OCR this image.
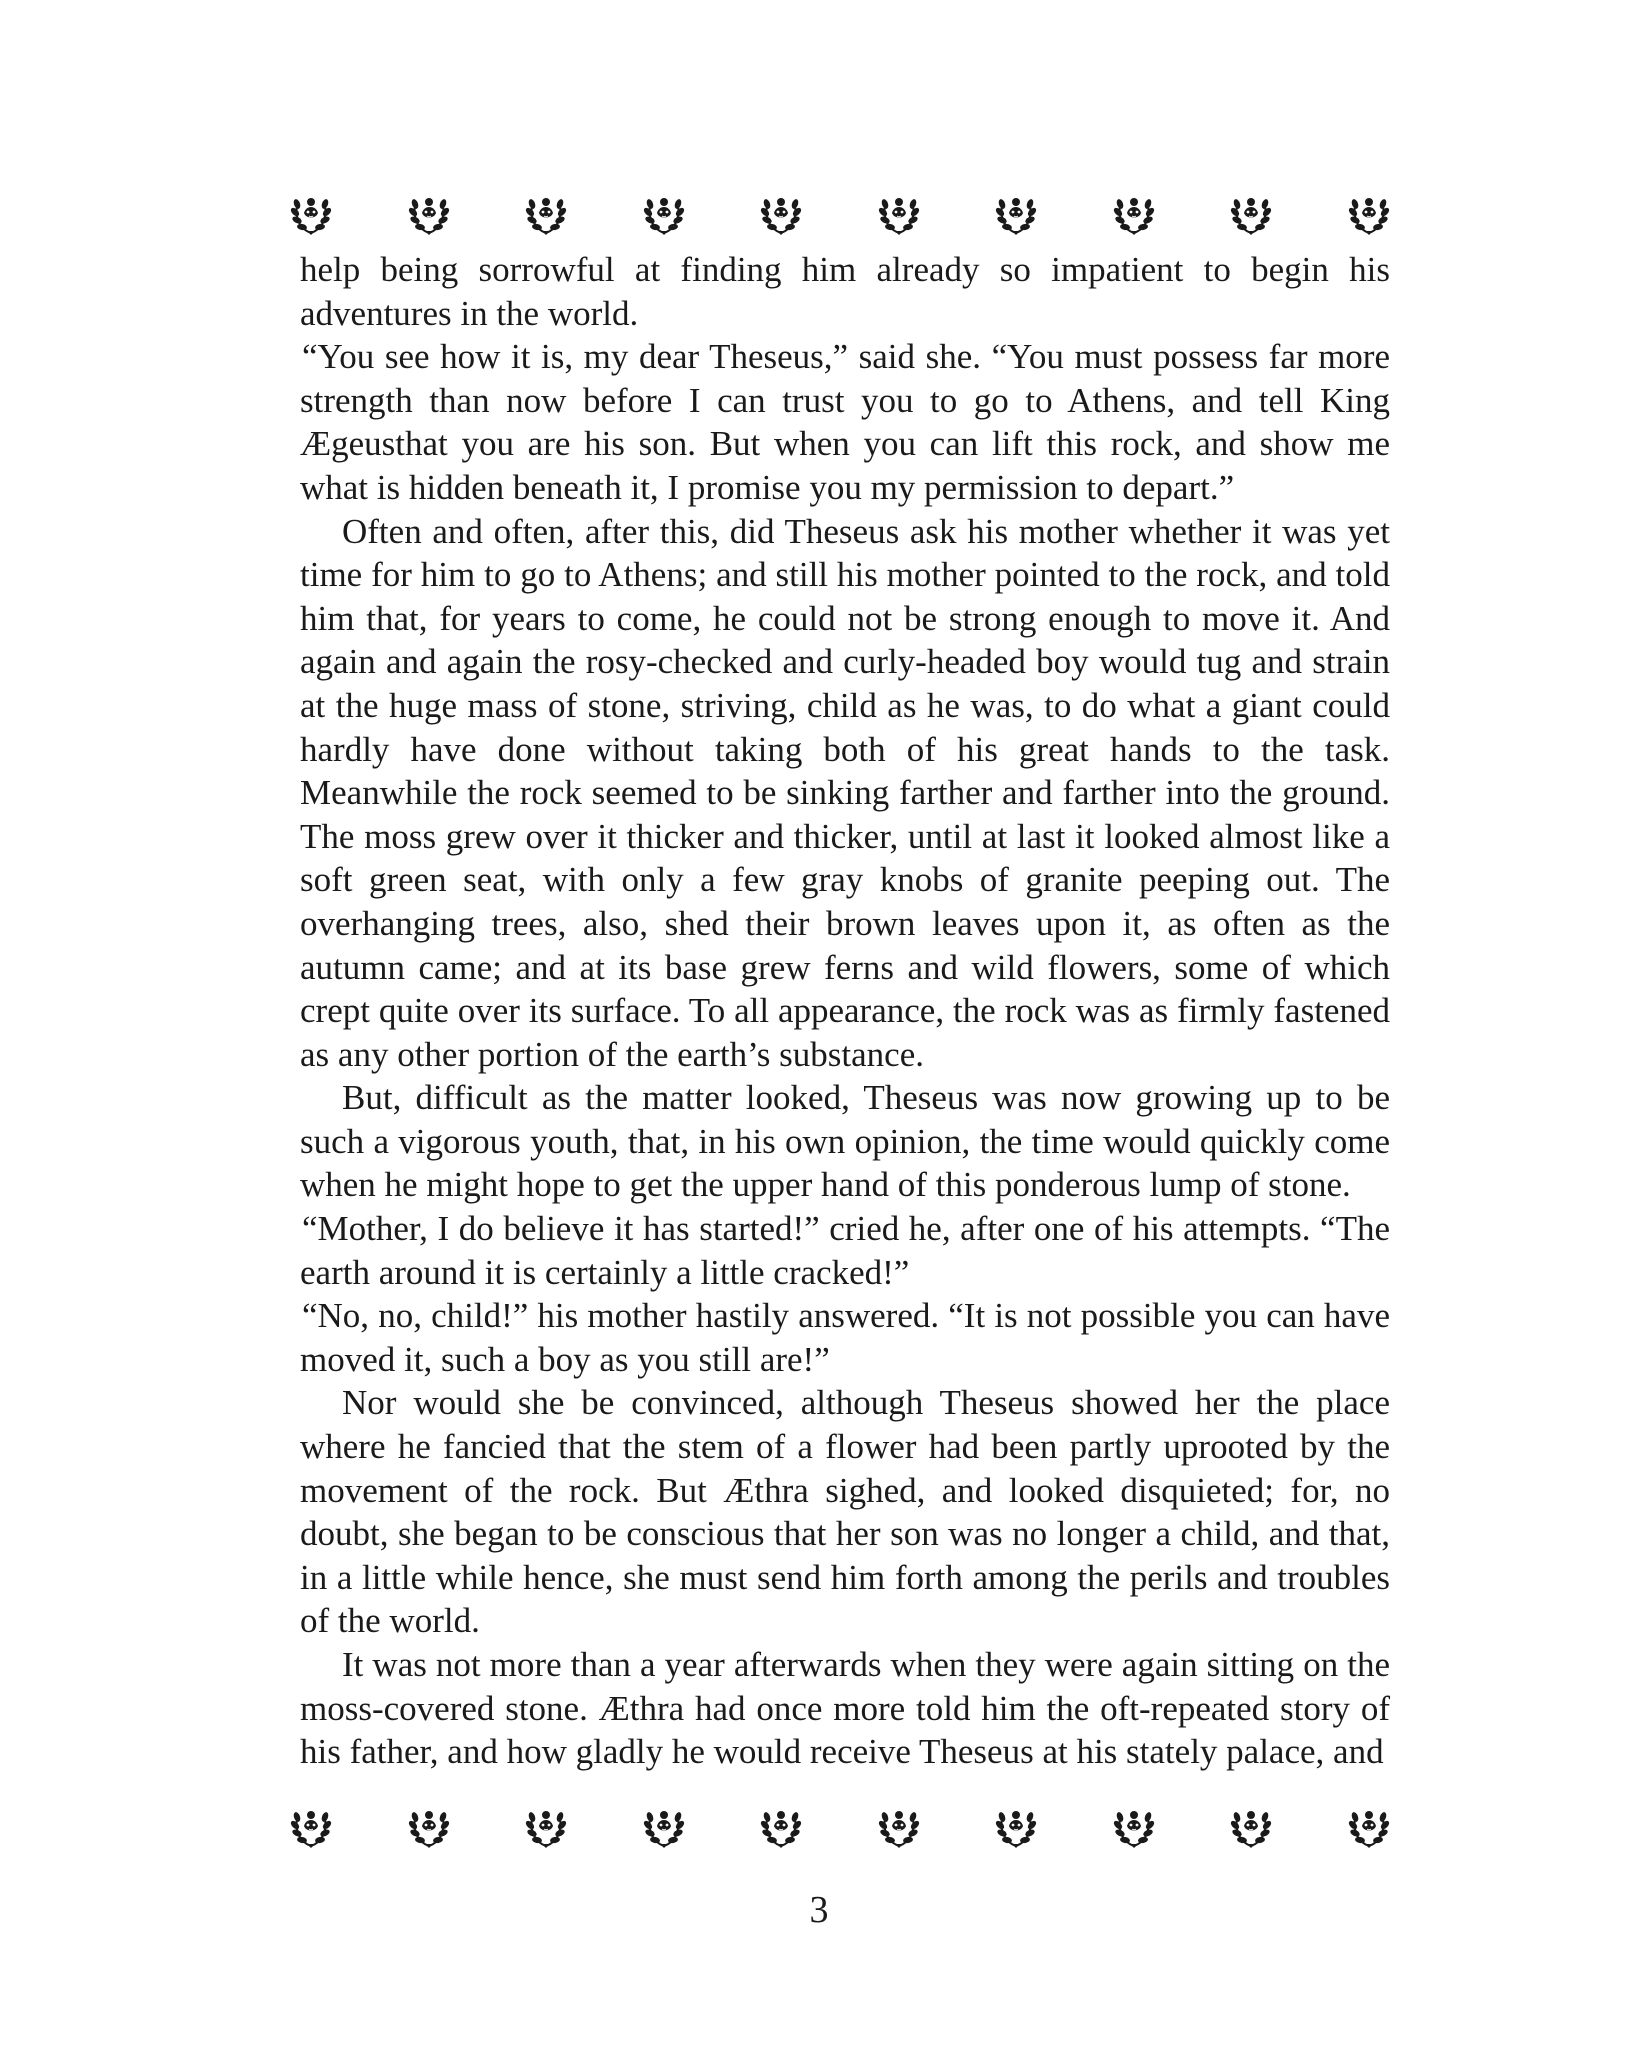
help being sorrowful at finding him already so impatient to begin his adventures in the world.

“You see how it is, my dear Theseus,” said she. “You must possess far more strength than now before I can trust you to go to Athens, and tell King Ægeusthat you are his son. But when you can lift this rock, and show me what is hidden beneath it, I promise you my permission to depart.”

Often and often, after this, did Theseus ask his mother whether it was yet time for him to go to Athens; and still his mother pointed to the rock, and told him that, for years to come, he could not be strong enough to move it. And again and again the rosy-checked and curly-headed boy would tug and strain at the huge mass of stone, striving, child as he was, to do what a giant could hardly have done without taking both of his great hands to the task. Meanwhile the rock seemed to be sinking farther and farther into the ground. The moss grew over it thicker and thicker, until at last it looked almost like a soft green seat, with only a few gray knobs of granite peeping out. The overhanging trees, also, shed their brown leaves upon it, as often as the autumn came; and at its base grew ferns and wild flowers, some of which crept quite over its surface. To all appearance, the rock was as firmly fastened as any other portion of the earth’s substance.

But, difficult as the matter looked, Theseus was now growing up to be such a vigorous youth, that, in his own opinion, the time would quickly come when he might hope to get the upper hand of this ponderous lump of stone.

“Mother, I do believe it has started!” cried he, after one of his attempts. “The earth around it is certainly a little cracked!”

“No, no, child!” his mother hastily answered. “It is not possible you can have moved it, such a boy as you still are!”

Nor would she be convinced, although Theseus showed her the place where he fancied that the stem of a flower had been partly uprooted by the movement of the rock. But Æthra sighed, and looked disquieted; for, no doubt, she began to be conscious that her son was no longer a child, and that, in a little while hence, she must send him forth among the perils and troubles of the world.

It was not more than a year afterwards when they were again sitting on the moss-covered stone. Æthra had once more told him the oft-repeated story of his father, and how gladly he would receive Theseus at his stately palace, and

3
